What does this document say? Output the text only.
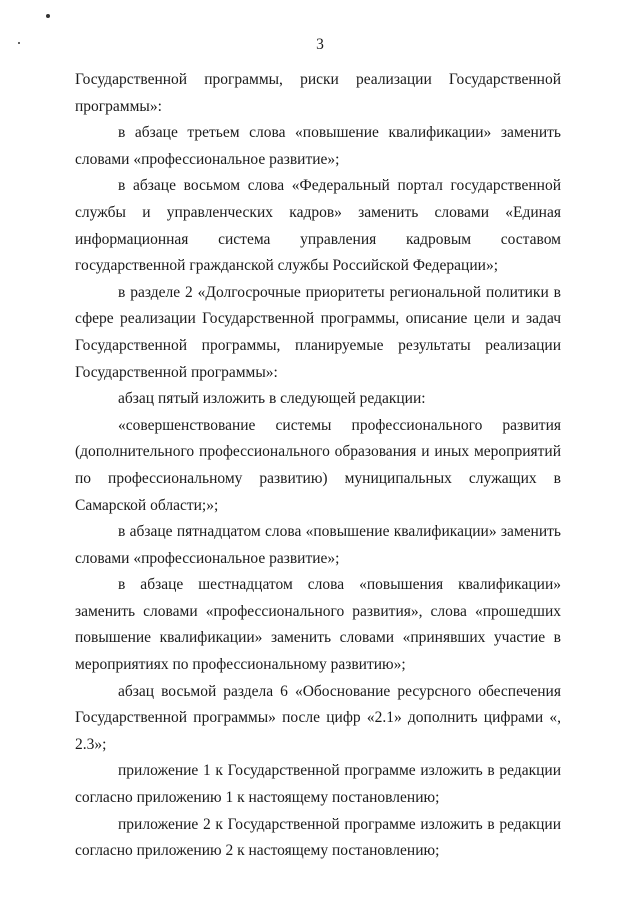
3

Государственной программы, риски реализации Государственной программы»:

в абзаце третьем слова «повышение квалификации» заменить словами «профессиональное развитие»;

в абзаце восьмом слова «Федеральный портал государственной службы и управленческих кадров» заменить словами «Единая информационная система управления кадровым составом государственной гражданской службы Российской Федерации»;

в разделе 2 «Долгосрочные приоритеты региональной политики в сфере реализации Государственной программы, описание цели и задач Государственной программы, планируемые результаты реализации Государственной программы»:

абзац пятый изложить в следующей редакции:

«совершенствование системы профессионального развития (дополнительного профессионального образования и иных мероприятий по профессиональному развитию) муниципальных служащих в Самарской области;»;

в абзаце пятнадцатом слова «повышение квалификации» заменить словами «профессиональное развитие»;

в абзаце шестнадцатом слова «повышения квалификации» заменить словами «профессионального развития», слова «прошедших повышение квалификации» заменить словами «принявших участие в мероприятиях по профессиональному развитию»;

абзац восьмой раздела 6 «Обоснование ресурсного обеспечения Государственной программы» после цифр «2.1» дополнить цифрами «, 2.3»;

приложение 1 к Государственной программе изложить в редакции согласно приложению 1 к настоящему постановлению;

приложение 2 к Государственной программе изложить в редакции согласно приложению 2 к настоящему постановлению;
